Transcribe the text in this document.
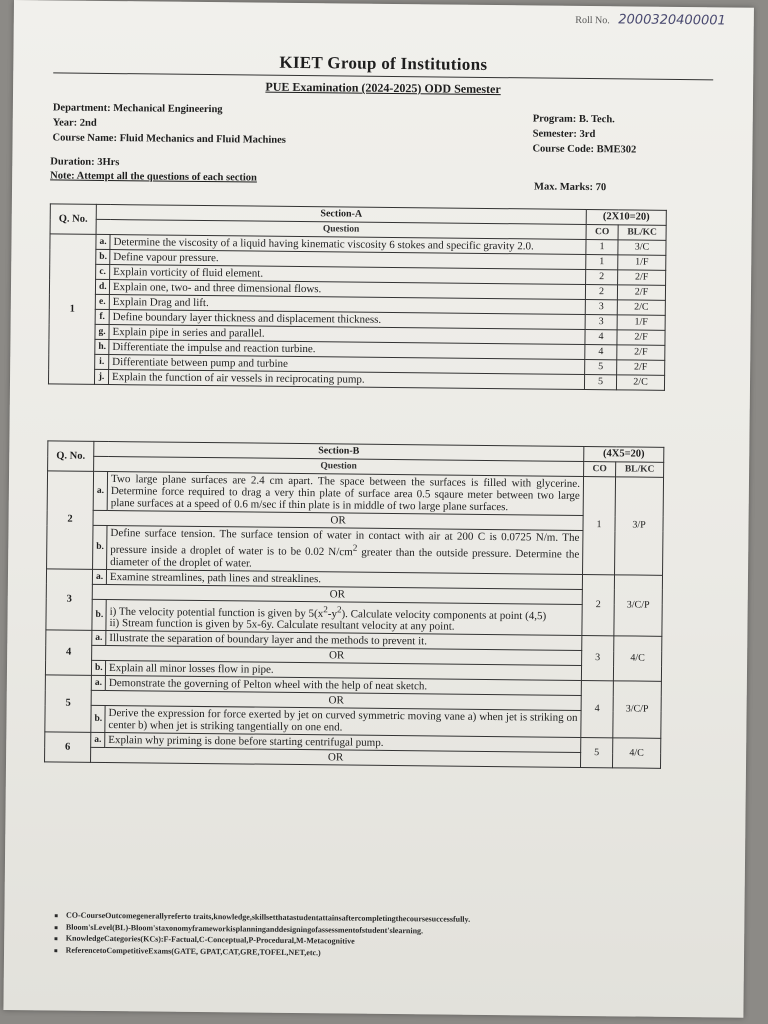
Roll No. 2000320400001
KIET Group of Institutions
PUE Examination (2024-2025) ODD Semester
Department: Mechanical Engineering
Year: 2nd
Course Name: Fluid Mechanics and Fluid Machines
Program: B. Tech.
Semester: 3rd
Course Code: BME302
Duration: 3Hrs
Note: Attempt all the questions of each section
Max. Marks: 70
Q. No.	Section-A		(2X10=20)	
	Question		CO	BL/KC
1	a.	Determine the viscosity of a liquid having kinematic viscosity 6 stokes and specific gravity 2.0.	1	3/C
	b.	Define vapour pressure.	1	1/F
	c.	Explain vorticity of fluid element.	2	2/F
	d.	Explain one, two- and three dimensional flows.	2	2/F
	e.	Explain Drag and lift.	3	2/C
	f.	Define boundary layer thickness and displacement thickness.	3	1/F
	g.	Explain pipe in series and parallel.	4	2/F
	h.	Differentiate the impulse and reaction turbine.	4	2/F
	i.	Differentiate between pump and turbine	5	2/F
	j.	Explain the function of air vessels in reciprocating pump.	5	2/C
Q. No.	Section-B		(4X5=20)	
	Question		CO	BL/KC
2	a.	Two large plane surfaces are 2.4 cm apart. The space between the surfaces is filled with glycerine. Determine force required to drag a very thin plate of surface area 0.5 sqaure meter between two large plane surfaces at a speed of 0.6 m/sec if thin plate is in middle of two large plane surfaces.	1	3/P
	OR			
	b.	Define surface tension. The surface tension of water in contact with air at 200 C is 0.0725 N/m. The pressure inside a droplet of water is to be 0.02 $N/cm^2$ greater than the outside pressure. Determine the diameter of the droplet of water.		
3	a.	Examine streamlines, path lines and streaklines.	2	3/C/P
	OR			
	b.	i) The velocity potential function is given by $5(x^2-y^2)$. Calculate velocity components at point (4,5)
ii) Stream function is given by 5x-6y. Calculate resultant velocity at any point.		
4	a.	Illustrate the separation of boundary layer and the methods to prevent it.	3	4/C
	OR			
	b.	Explain all minor losses flow in pipe.		
5	a.	Demonstrate the governing of Pelton wheel with the help of neat sketch.	4	3/C/P
	OR			
	b.	Derive the expression for force exerted by jet on curved symmetric moving vane a) when jet is striking on center b) when jet is striking tangentially on one end.		
6	a.	Explain why priming is done before starting centrifugal pump.	5	4/C
	OR			
■ CO-CourseOutcomegenerallyreferto traits,knowledge,skillsetthatastudentattainsaftercompletingthecoursesuccessfully.
■ Bloom'sLevel(BL)-Bloom'staxonomyframeworkisplanninganddesigningofassessmentofstudent'slearning.
■ KnowledgeCategories(KCs):F-Factual,C-Conceptual,P-Procedural,M-Metacognitive
■ ReferencetoCompetitiveExams(GATE, GPAT,CAT,GRE,TOFEL,NET,etc.)
